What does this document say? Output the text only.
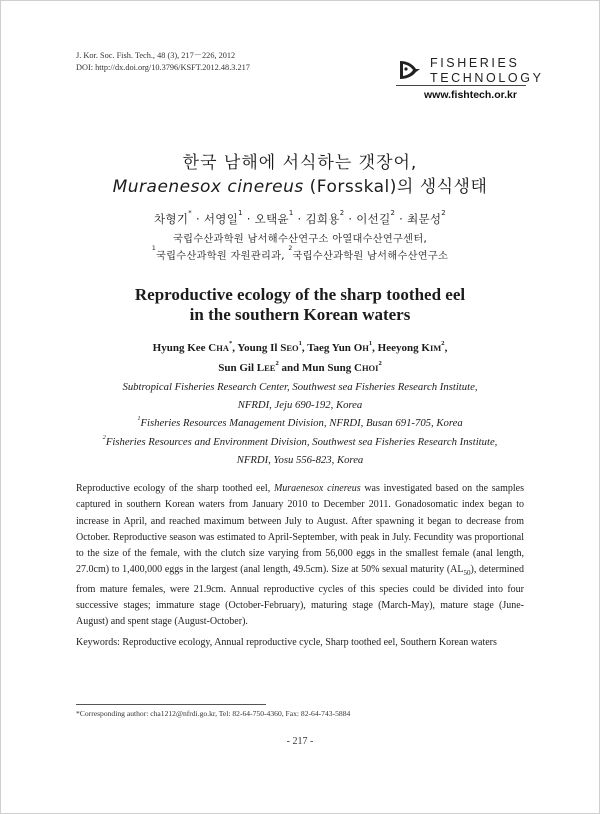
J. Kor. Soc. Fish. Tech., 48 (3), 217－226, 2012
DOI: http://dx.doi.org/10.3796/KSFT.2012.48.3.217	FISHERIES
TECHNOLOGY
www.fishtech.or.kr
한국 남해에 서식하는 갯장어,
Muraenesox cinereus (Forsskal)의 생식생태
차형기* · 서영일$^1$ · 오택윤$^1$ · 김희용$^2$ · 이선길$^2$ · 최문성$^2$
국립수산과학원 남서해수산연구소 아열대수산연구센터,
$^1$국립수산과학원 자원관리과, $^2$국립수산과학원 남서해수산연구소
Reproductive ecology of the sharp toothed eel
in the southern Korean waters
Hyung Kee CHA*, Young Il SEO$^1$, Taeg Yun $OH^1$, Heeyong KIM$^2$,
Sun Gil LEE$^2$ and Mun Sung CHOI$^2$
Subtropical Fisheries Research Center, Southwest sea Fisheries Research Institute,
NFRDI, Jeju 690-192, Korea
$^1$Fisheries Resources Management Division, NFRDI, Busan 691-705, Korea
$^2$Fisheries Resources and Environment Division, Southwest sea Fisheries Research Institute,
NFRDI, Yosu 556-823, Korea
Reproductive ecology of the sharp toothed eel, Muraenesox cinereus was investigated based on the samples captured in southern Korean waters from January 2010 to December 2011. Gonadosomatic index began to increase in April, and reached maximum between July to August. After spawning it began to decrease from October. Reproductive season was estimated to April-September, with peak in July. Fecundity was proportional to the size of the female, with the clutch size varying from 56,000 eggs in the smallest female (anal length, 27.0cm) to 1,400,000 eggs in the largest (anal length, 49.5cm). Size at 50% sexual maturity $(AL_{50})$, determined from mature females, were 21.9cm. Annual reproductive cycles of this species could be divided into four successive stages; immature stage (October-February), maturing stage (March-May), mature stage (June-August) and spent stage (August-October).
Keywords: Reproductive ecology, Annual reproductive cycle, Sharp toothed eel, Southern Korean waters
*Corresponding author: cha1212@nfrdi.go.kr, Tel: 82-64-750-4360, Fax: 82-64-743-5884
- 217 -
